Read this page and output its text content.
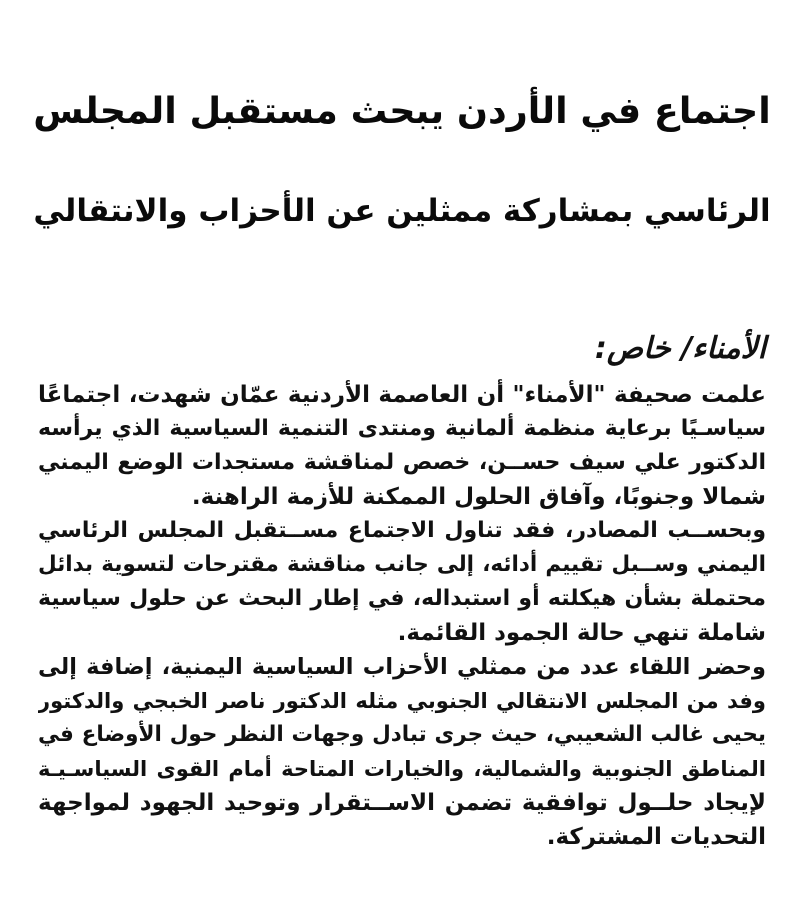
اجتماع في الأردن يبحث مستقبل المجلس
الرئاسي بمشاركة ممثلين عن الأحزاب والانتقالي
الأمناء/ خاص:
علمت صحيفة "الأمناء" أن العاصمة الأردنية عمّان شهدت، اجتماعًا
سياسـيًا برعاية منظمة ألمانية ومنتدى التنمية السياسية الذي يرأسه
الدكتور علي سيف حســن، خصص لمناقشة مستجدات الوضع اليمني
شمالا وجنوبًا، وآفاق الحلول الممكنة للأزمة الراهنة.
وبحســب المصادر، فقد تناول الاجتماع مســتقبل المجلس الرئاسي
اليمني وســبل تقييم أدائه، إلى جانب مناقشة مقترحات لتسوية بدائل
محتملة بشأن هيكلته أو استبداله، في إطار البحث عن حلول سياسية
شاملة تنهي حالة الجمود القائمة.
وحضر اللقاء عدد من ممثلي الأحزاب السياسية اليمنية، إضافة إلى
وفد من المجلس الانتقالي الجنوبي مثله الدكتور ناصر الخبجي والدكتور
يحيى غالب الشعيبي، حيث جرى تبادل وجهات النظر حول الأوضاع في
المناطق الجنوبية والشمالية، والخيارات المتاحة أمام القوى السياسـيـة
لإيجاد حلــول توافقية تضمن الاســتقرار وتوحيد الجهود لمواجهة
التحديات المشتركة.
